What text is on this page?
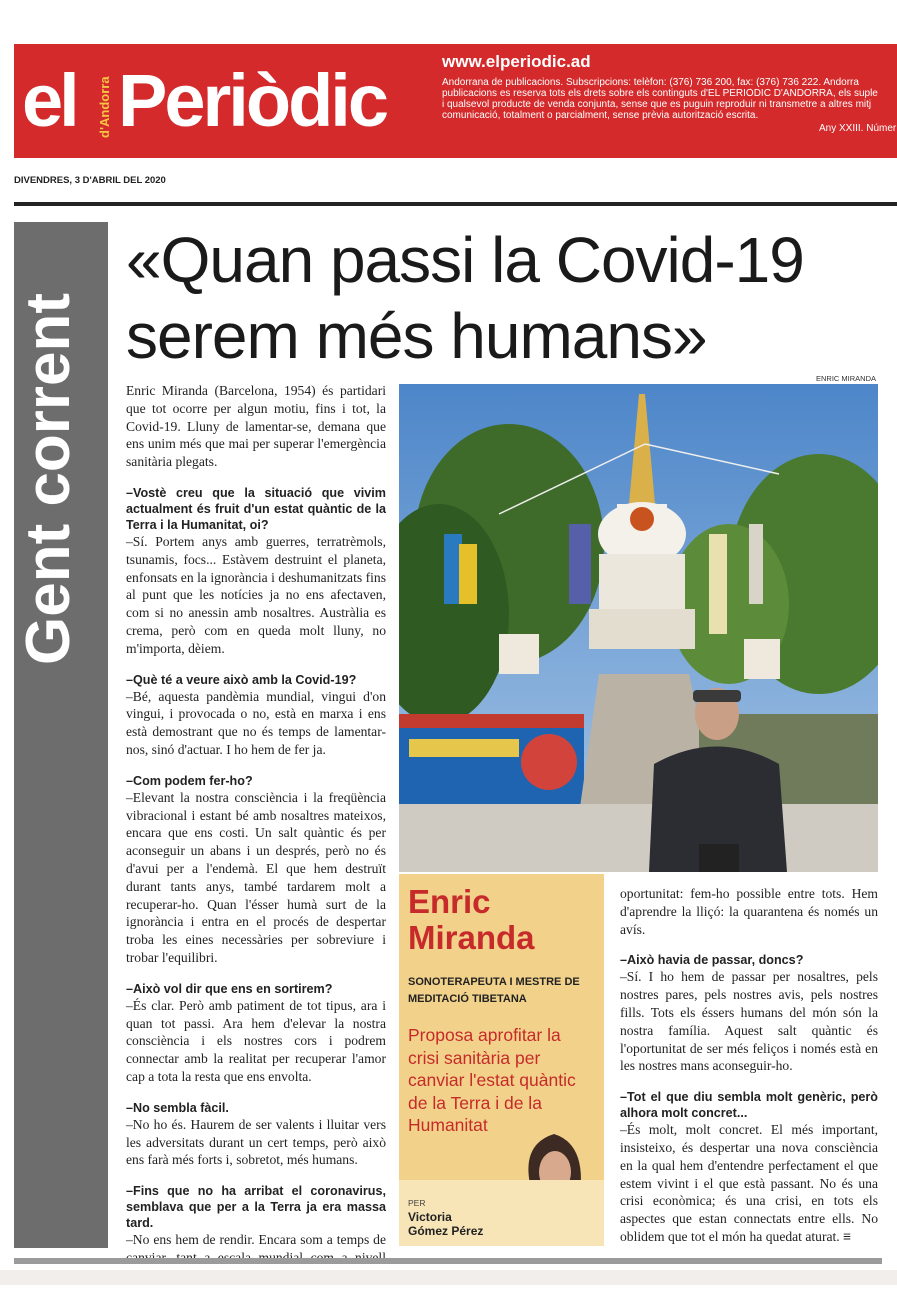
el d'Andorra Periòdic	www.elperiodic.ad
Andorrana de publicacions. Subscripcions: telèfon: (376) 736 200, fax: (376) 736 222. Andorra
publicacions es reserva tots els drets sobre els continguts d'EL PERIÒDIC D'ANDORRA, els suple
i qualsevol producte de venda conjunta, sense que es puguin reproduir ni transmetre a altres mitj
comunicació, totalment o parcialment, sense prèvia autorització escrita.
Any XXIII. Númer
DIVENDRES, 3 D'ABRIL DEL 2020
Gent corrent
«Quan passi la Covid-19 serem més humans»
ENRIC MIRANDA

Enric Miranda (Barcelona, 1954) és partidari que tot ocorre per algun motiu, fins i tot, la Covid-19. Lluny de lamentar-se, demana que ens unim més que mai per superar l'emergència sanitària plegats.

–Vostè creu que la situació que vivim actualment és fruit d'un estat quàntic de la Terra i la Humanitat, oi?
–Sí. Portem anys amb guerres, terratrèmols, tsunamis, focs... Estàvem destruint el planeta, enfonsats en la ignorància i deshumanitzats fins al punt que les notícies ja no ens afectaven, com si no anessin amb nosaltres. Austràlia es crema, però com en queda molt lluny, no m'importa, dèiem.

–Què té a veure això amb la Covid-19?
–Bé, aquesta pandèmia mundial, vingui d'on vingui, i provocada o no, està en marxa i ens està demostrant que no és temps de lamentar-nos, sinó d'actuar. I ho hem de fer ja.

–Com podem fer-ho?
–Elevant la nostra consciència i la freqüència vibracional i estant bé amb nosaltres mateixos, encara que ens costi. Un salt quàntic és per aconseguir un abans i un després, però no és d'avui per a l'endemà. El que hem destruït durant tants anys, també tardarem molt a recuperar-ho. Quan l'ésser humà surt de la ignorància i entra en el procés de despertar troba les eines necessàries per sobreviure i trobar l'equilibri.

–Això vol dir que ens en sortirem?
–És clar. Però amb patiment de tot tipus, ara i quan tot passi. Ara hem d'elevar la nostra consciència i els nostres cors i podrem connectar amb la realitat per recuperar l'amor cap a tota la resta que ens envolta.

–No sembla fàcil.
–No ho és. Haurem de ser valents i lluitar vers les adversitats durant un cert temps, però això ens farà més forts i, sobretot, més humans.

–Fins que no ha arribat el coronavirus, semblava que per a la Terra ja era massa tard.
–No ens hem de rendir. Encara som a temps de

Enric
Miranda
SONOTERAPEUTA I MESTRE DE MEDITACIÓ TIBETANA
Proposa aprofitar la crisi sanitària per canviar l'estat quàntic de la Terra i de la Humanitat
PER
Victoria
Gómez Pérez

oportunitat: fem-ho possible entre tots. Hem d'aprendre la lliçó: la quarantena és només un avís.

–Això havia de passar, doncs?
–Sí. I ho hem de passar per nosaltres, pels nostres pares, pels nostres avis, pels nostres fills. Tots els éssers humans del món són la nostra família. Aquest salt quàntic és l'oportunitat de ser més feliços i només està en les nostres mans aconseguir-ho.

–Tot el que diu sembla molt genèric, però alhora molt concret...
–És molt, molt concret. El més important, insisteixo, és despertar una nova consciència en la qual hem d'entendre perfectament el que estem vivint i el que està passant. No és una crisi econòmica; és una crisi, en tots els aspectes que estan connectats entre ells. No oblidem que tot el món ha quedat aturat. ≡
